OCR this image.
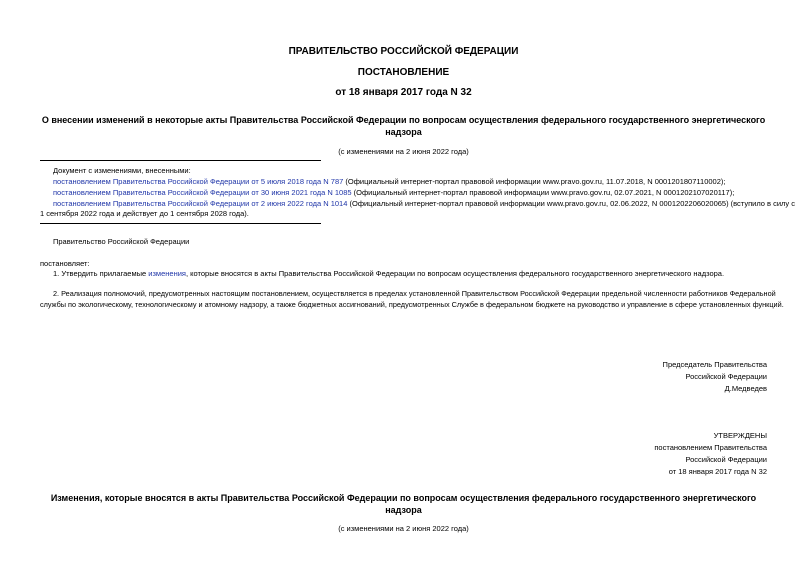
ПРАВИТЕЛЬСТВО РОССИЙСКОЙ ФЕДЕРАЦИИ
ПОСТАНОВЛЕНИЕ
от 18 января 2017 года N 32
О внесении изменений в некоторые акты Правительства Российской Федерации по вопросам осуществления федерального государственного энергетического
надзора
(с изменениями на 2 июня 2022 года)
Документ с изменениями, внесенными:
постановлением Правительства Российской Федерации от 5 июля 2018 года N 787 (Официальный интернет-портал правовой информации www.pravo.gov.ru, 11.07.2018, N 0001201807110002);
постановлением Правительства Российской Федерации от 30 июня 2021 года N 1085 (Официальный интернет-портал правовой информации www.pravo.gov.ru, 02.07.2021, N 0001202107020117);
постановлением Правительства Российской Федерации от 2 июня 2022 года N 1014 (Официальный интернет-портал правовой информации www.pravo.gov.ru, 02.06.2022, N 0001202206020065) (вступило в силу с
1 сентября 2022 года и действует до 1 сентября 2028 года).
Правительство Российской Федерации
постановляет:
1. Утвердить прилагаемые изменения, которые вносятся в акты Правительства Российской Федерации по вопросам осуществления федерального государственного энергетического надзора.
2. Реализация полномочий, предусмотренных настоящим постановлением, осуществляется в пределах установленной Правительством Российской Федерации предельной численности работников Федеральной
службы по экологическому, технологическому и атомному надзору, а также бюджетных ассигнований, предусмотренных Службе в федеральном бюджете на руководство и управление в сфере установленных функций.
Председатель Правительства
Российской Федерации
Д.Медведев
УТВЕРЖДЕНЫ
постановлением Правительства
Российской Федерации
от 18 января 2017 года N 32
Изменения, которые вносятся в акты Правительства Российской Федерации по вопросам осуществления федерального государственного энергетического
надзора
(с изменениями на 2 июня 2022 года)
